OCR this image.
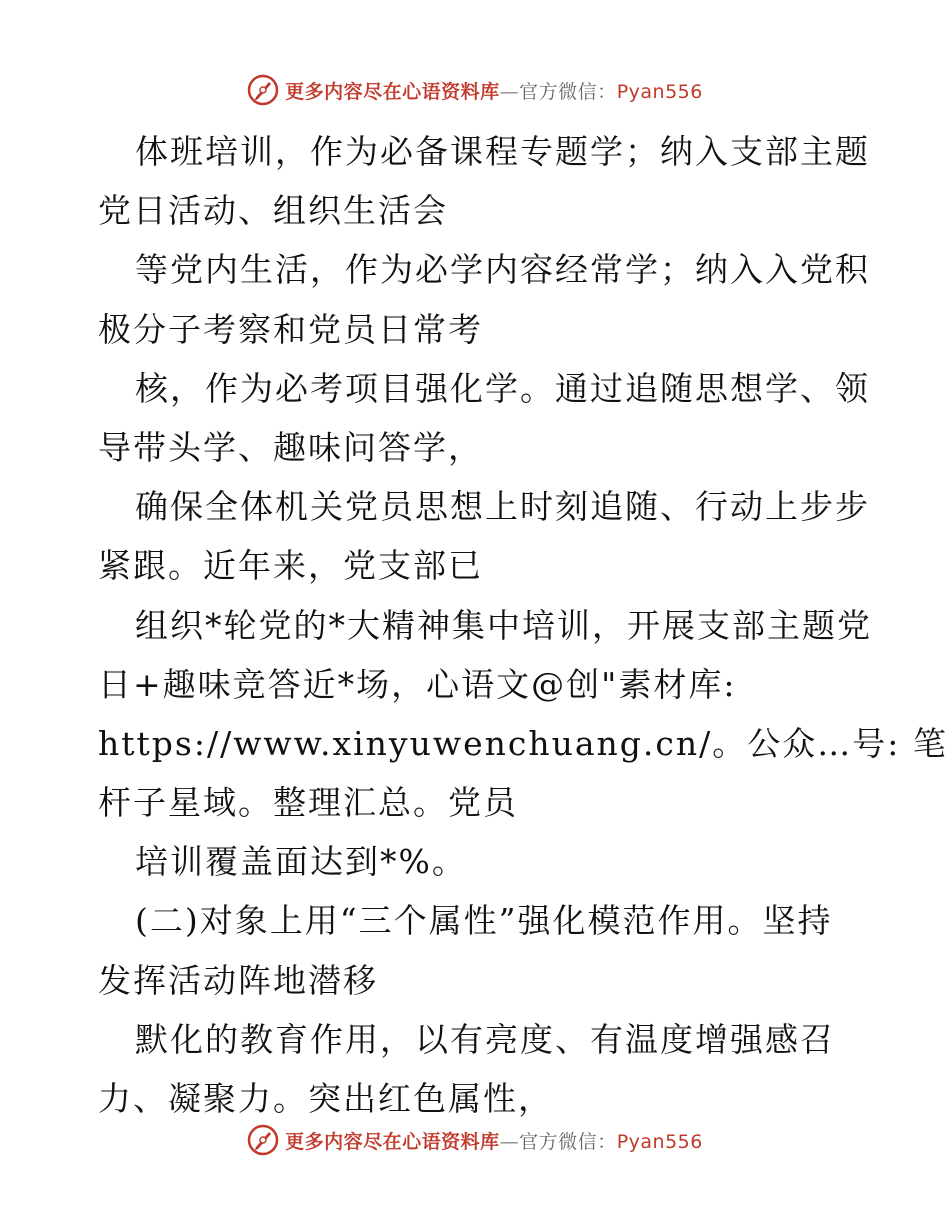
更多内容尽在心语资料库—官方微信：Pyan556
体班培训，作为必备课程专题学；纳入支部主题
党日活动、组织生活会
等党内生活，作为必学内容经常学；纳入入党积
极分子考察和党员日常考
核，作为必考项目强化学。通过追随思想学、领
导带头学、趣味问答学，
确保全体机关党员思想上时刻追随、行动上步步
紧跟。近年来，党支部已
组织*轮党的*大精神集中培训，开展支部主题党
日+趣味竞答近*场，心语文@创"素材库:
https://www.xinyuwenchuang.cn/。公众…号: 笔
杆子星域。整理汇总。党员
培训覆盖面达到*%。
(二)对象上用“三个属性”强化模范作用。坚持
发挥活动阵地潜移
默化的教育作用，以有亮度、有温度增强感召
力、凝聚力。突出红色属性，
更多内容尽在心语资料库—官方微信：Pyan556
